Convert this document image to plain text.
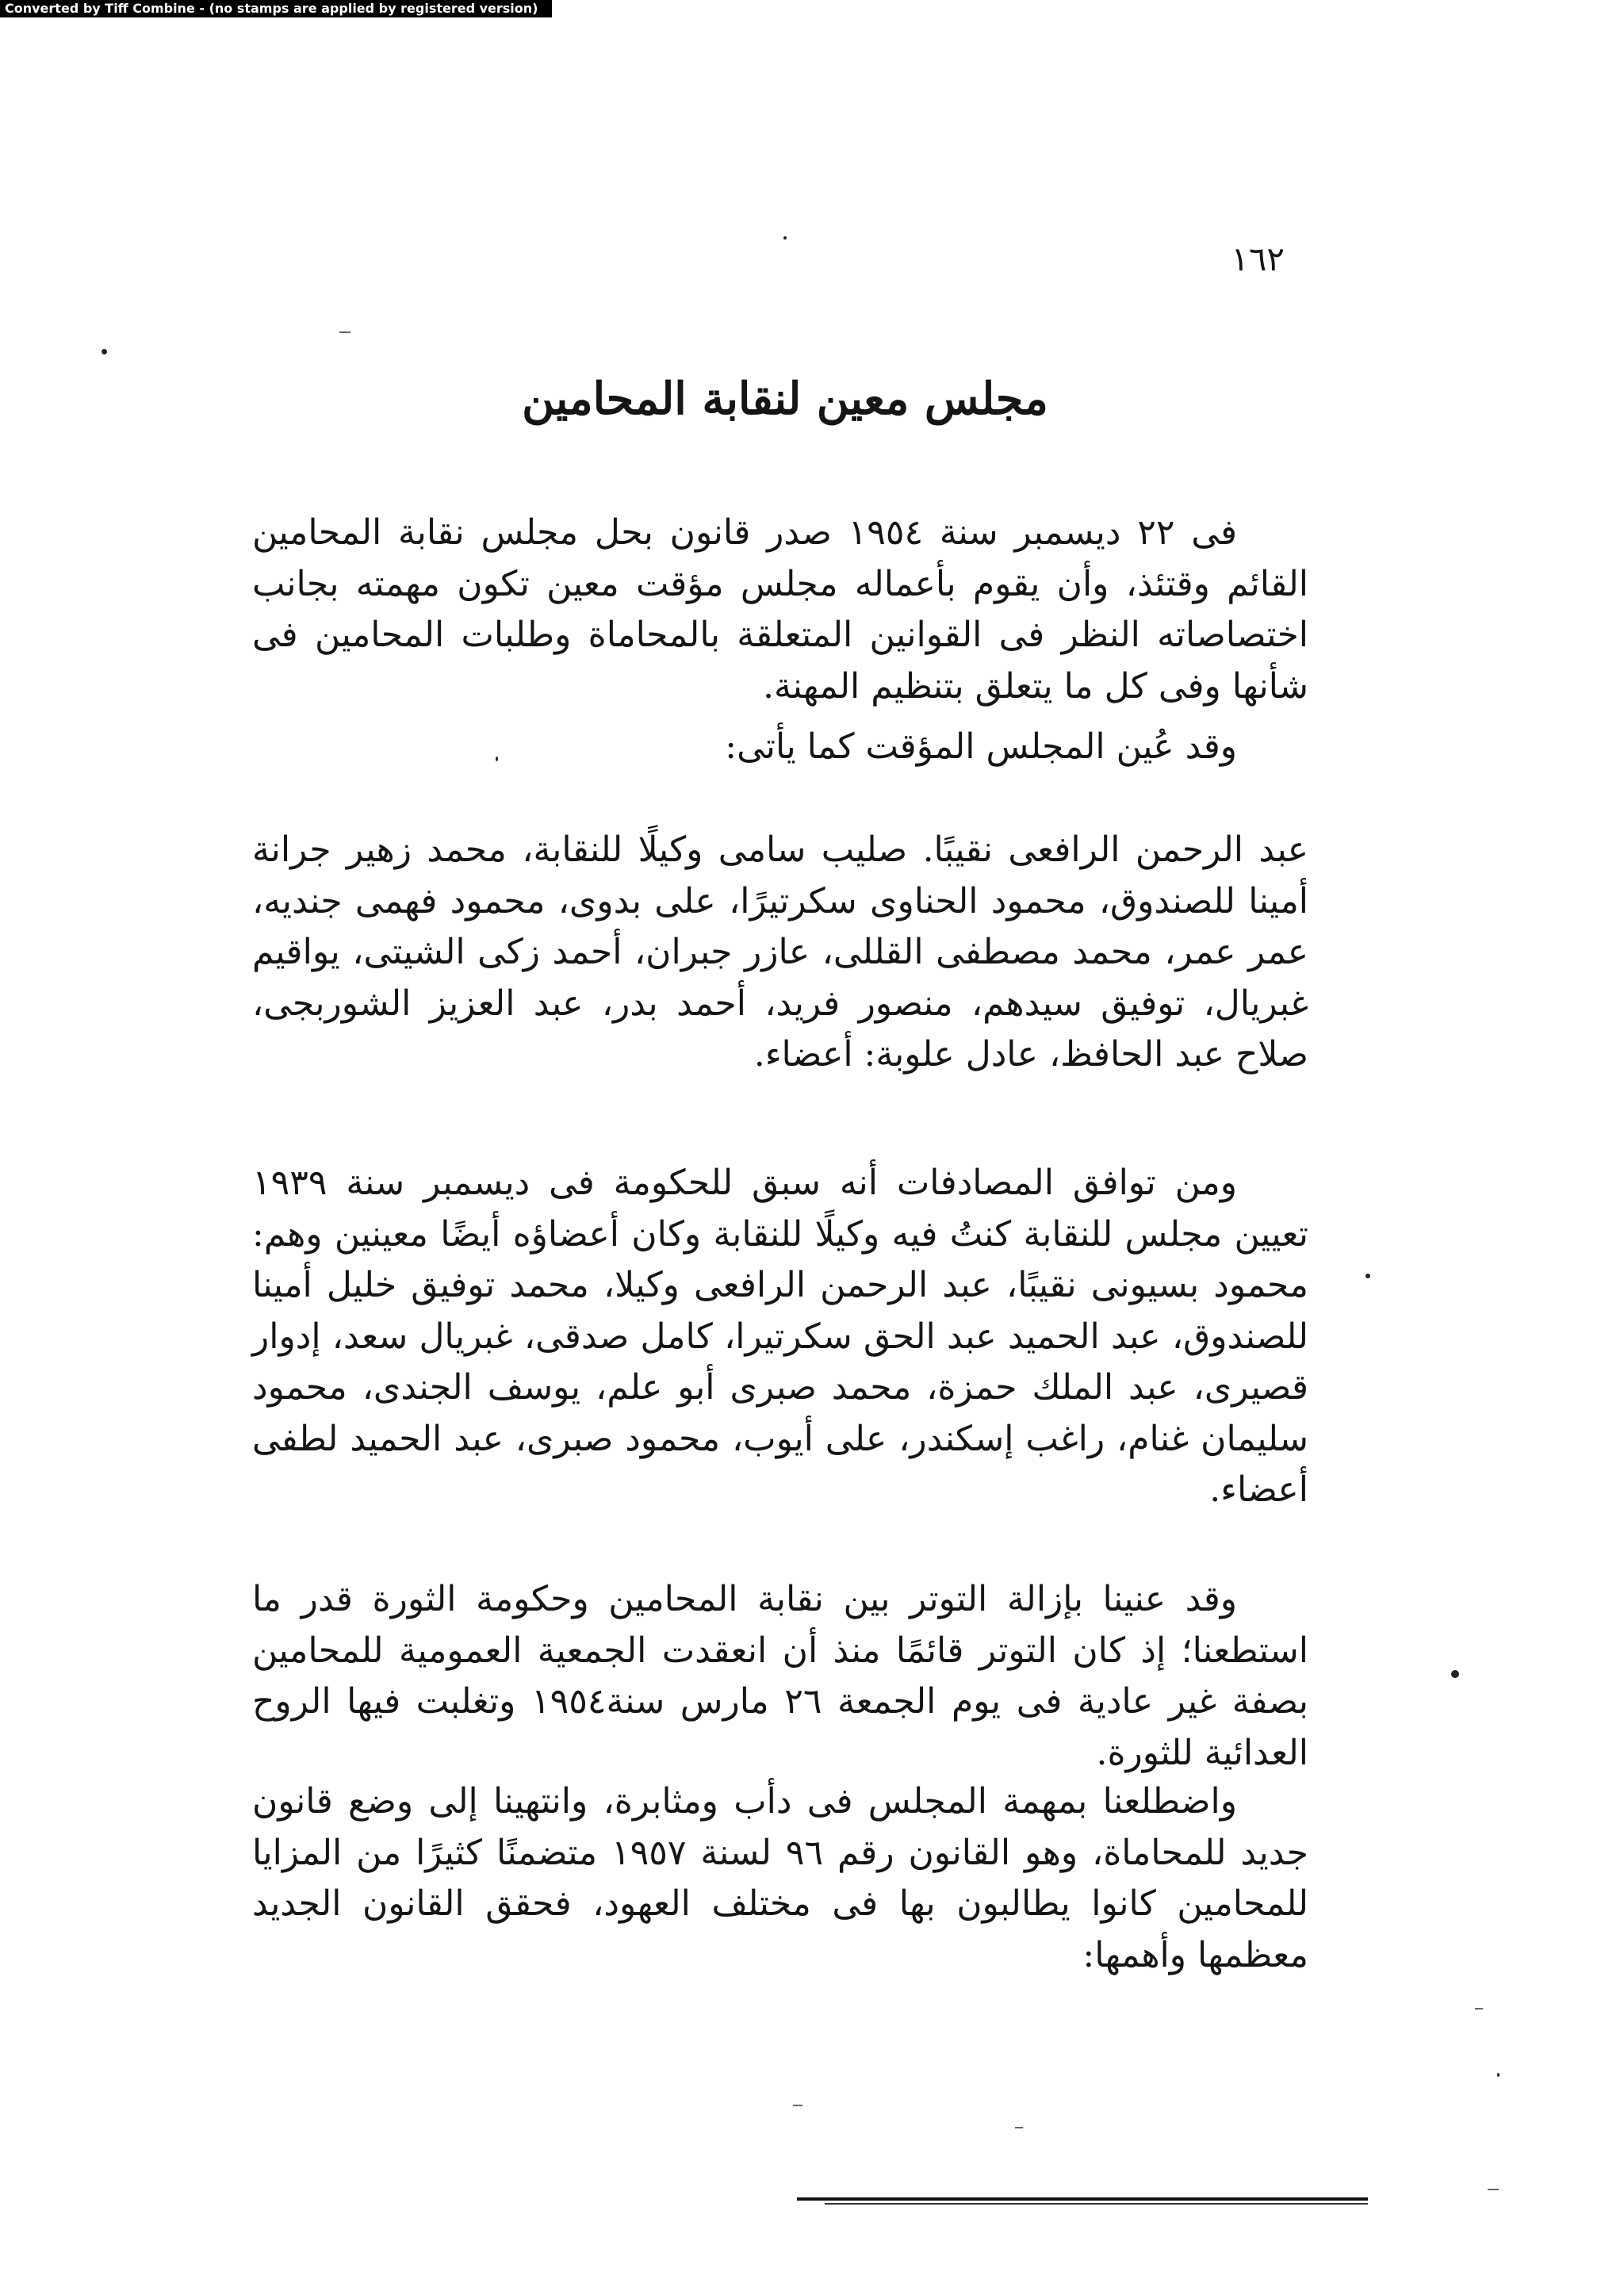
Converted by Tiff Combine - (no stamps are applied by registered version)
١٦٢
مجلس معين لنقابة المحامين

فى ٢٢ ديسمبر سنة ١٩٥٤ صدر قانون بحل مجلس نقابة المحامين القائم وقتئذ، وأن يقوم بأعماله مجلس مؤقت معين تكون مهمته بجانب اختصاصاته النظر فى القوانين المتعلقة بالمحاماة وطلبات المحامين فى شأنها وفى كل ما يتعلق بتنظيم المهنة.

وقد عُين المجلس المؤقت كما يأتى:

عبد الرحمن الرافعى نقيبًا. صليب سامى وكيلًا للنقابة، محمد زهير جرانة أمينا للصندوق، محمود الحناوى سكرتيرًا، على بدوى، محمود فهمى جنديه، عمر عمر، محمد مصطفى القللى، عازر جبران، أحمد زكى الشيتى، يواقيم غبريال، توفيق سيدهم، منصور فريد، أحمد بدر، عبد العزيز الشوربجى، صلاح عبد الحافظ، عادل علوبة: أعضاء.

ومن توافق المصادفات أنه سبق للحكومة فى ديسمبر سنة ١٩٣٩ تعيين مجلس للنقابة كنتُ فيه وكيلًا للنقابة وكان أعضاؤه أيضًا معينين وهم: محمود بسيونى نقيبًا، عبد الرحمن الرافعى وكيلا، محمد توفيق خليل أمينا للصندوق، عبد الحميد عبد الحق سكرتيرا، كامل صدقى، غبريال سعد، إدوار قصيرى، عبد الملك حمزة، محمد صبرى أبو علم، يوسف الجندى، محمود سليمان غنام، راغب إسكندر، على أيوب، محمود صبرى، عبد الحميد لطفى أعضاء.

وقد عنينا بإزالة التوتر بين نقابة المحامين وحكومة الثورة قدر ما استطعنا؛ إذ كان التوتر قائمًا منذ أن انعقدت الجمعية العمومية للمحامين بصفة غير عادية فى يوم الجمعة ٢٦ مارس سنة١٩٥٤ وتغلبت فيها الروح العدائية للثورة.

واضطلعنا بمهمة المجلس فى دأب ومثابرة، وانتهينا إلى وضع قانون جديد للمحاماة، وهو القانون رقم ٩٦ لسنة ١٩٥٧ متضمنًا كثيرًا من المزايا للمحامين كانوا يطالبون بها فى مختلف العهود، فحقق القانون الجديد معظمها وأهمها:
